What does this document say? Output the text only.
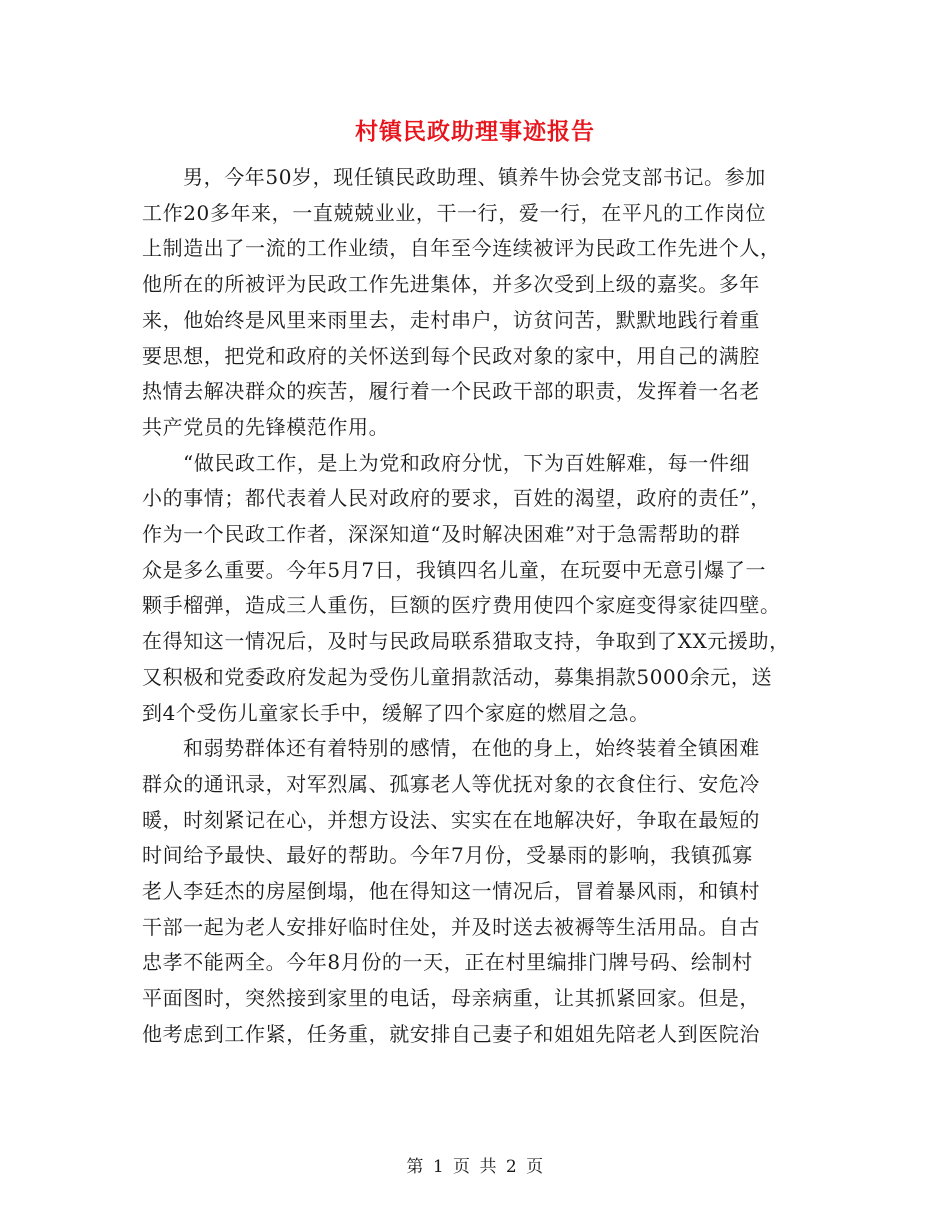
村镇民政助理事迹报告

男，今年50岁，现任镇民政助理、镇养牛协会党支部书记。参加
工作20多年来，一直兢兢业业，干一行，爱一行，在平凡的工作岗位
上制造出了一流的工作业绩，自年至今连续被评为民政工作先进个人，
他所在的所被评为民政工作先进集体，并多次受到上级的嘉奖。多年
来，他始终是风里来雨里去，走村串户，访贫问苦，默默地践行着重
要思想，把党和政府的关怀送到每个民政对象的家中，用自己的满腔
热情去解决群众的疾苦，履行着一个民政干部的职责，发挥着一名老
共产党员的先锋模范作用。

“做民政工作，是上为党和政府分忧，下为百姓解难，每一件细
小的事情；都代表着人民对政府的要求，百姓的渴望，政府的责任”，
作为一个民政工作者，深深知道“及时解决困难”对于急需帮助的群
众是多么重要。今年5月7日，我镇四名儿童，在玩耍中无意引爆了一
颗手榴弹，造成三人重伤，巨额的医疗费用使四个家庭变得家徒四壁。
在得知这一情况后，及时与民政局联系猎取支持，争取到了XX元援助，
又积极和党委政府发起为受伤儿童捐款活动，募集捐款5000余元，送
到4个受伤儿童家长手中，缓解了四个家庭的燃眉之急。

和弱势群体还有着特别的感情，在他的身上，始终装着全镇困难
群众的通讯录，对军烈属、孤寡老人等优抚对象的衣食住行、安危冷
暖，时刻紧记在心，并想方设法、实实在在地解决好，争取在最短的
时间给予最快、最好的帮助。今年7月份，受暴雨的影响，我镇孤寡
老人李廷杰的房屋倒塌，他在得知这一情况后，冒着暴风雨，和镇村
干部一起为老人安排好临时住处，并及时送去被褥等生活用品。自古
忠孝不能两全。今年8月份的一天，正在村里编排门牌号码、绘制村
平面图时，突然接到家里的电话，母亲病重，让其抓紧回家。但是，
他考虑到工作紧，任务重，就安排自己妻子和姐姐先陪老人到医院治

第 1 页 共 2 页
